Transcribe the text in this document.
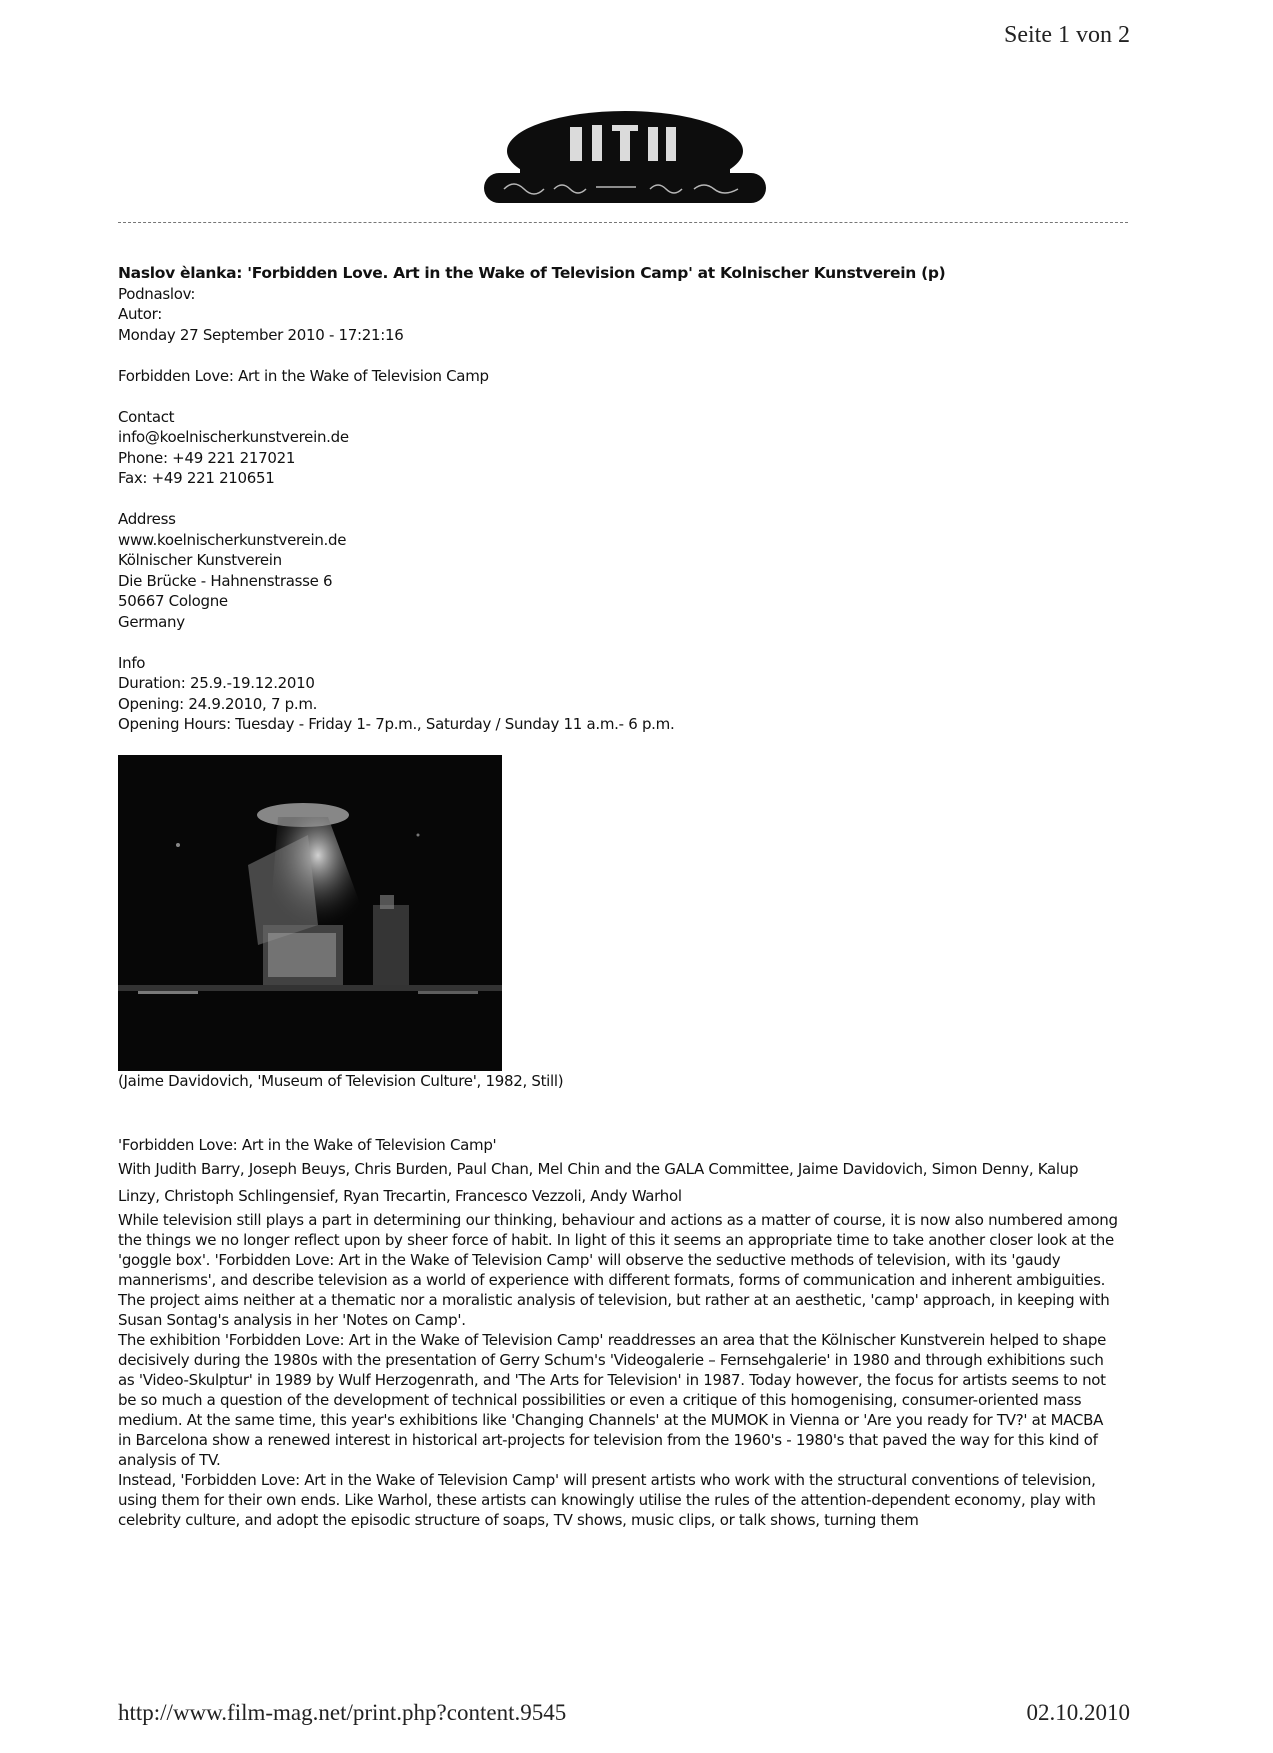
Seite 1 von 2

Naslov èlanka: 'Forbidden Love. Art in the Wake of Television Camp' at Kolnischer Kunstverein (p)

Podnaslov:

Autor:

Monday 27 September 2010 - 17:21:16

Forbidden Love: Art in the Wake of Television Camp

Contact

info@koelnischerkunstverein.de

Phone: +49 221 217021

Fax: +49 221 210651

Address

www.koelnischerkunstverein.de

Kölnischer Kunstverein

Die Brücke - Hahnenstrasse 6

50667 Cologne

Germany

Info

Duration: 25.9.-19.12.2010

Opening: 24.9.2010, 7 p.m.

Opening Hours: Tuesday - Friday 1- 7p.m., Saturday / Sunday 11 a.m.- 6 p.m.

(Jaime Davidovich, 'Museum of Television Culture', 1982, Still)

'Forbidden Love: Art in the Wake of Television Camp'

With Judith Barry, Joseph Beuys, Chris Burden, Paul Chan, Mel Chin and the GALA Committee, Jaime Davidovich, Simon Denny, Kalup Linzy, Christoph Schlingensief, Ryan Trecartin, Francesco Vezzoli, Andy Warhol

While television still plays a part in determining our thinking, behaviour and actions as a matter of course, it is now also numbered among the things we no longer reflect upon by sheer force of habit. In light of this it seems an appropriate time to take another closer look at the 'goggle box'. 'Forbidden Love: Art in the Wake of Television Camp' will observe the seductive methods of television, with its 'gaudy mannerisms', and describe television as a world of experience with different formats, forms of communication and inherent ambiguities. The project aims neither at a thematic nor a moralistic analysis of television, but rather at an aesthetic, 'camp' approach, in keeping with Susan Sontag's analysis in her 'Notes on Camp'.

The exhibition 'Forbidden Love: Art in the Wake of Television Camp' readdresses an area that the Kölnischer Kunstverein helped to shape decisively during the 1980s with the presentation of Gerry Schum's 'Videogalerie – Fernsehgalerie' in 1980 and through exhibitions such as 'Video-Skulptur' in 1989 by Wulf Herzogenrath, and 'The Arts for Television' in 1987. Today however, the focus for artists seems to not be so much a question of the development of technical possibilities or even a critique of this homogenising, consumer-oriented mass medium. At the same time, this year's exhibitions like 'Changing Channels' at the MUMOK in Vienna or 'Are you ready for TV?' at MACBA in Barcelona show a renewed interest in historical art-projects for television from the 1960's - 1980's that paved the way for this kind of analysis of TV.

Instead, 'Forbidden Love: Art in the Wake of Television Camp' will present artists who work with the structural conventions of television, using them for their own ends. Like Warhol, these artists can knowingly utilise the rules of the attention-dependent economy, play with celebrity culture, and adopt the episodic structure of soaps, TV shows, music clips, or talk shows, turning them

http://www.film-mag.net/print.php?content.9545	02.10.2010
